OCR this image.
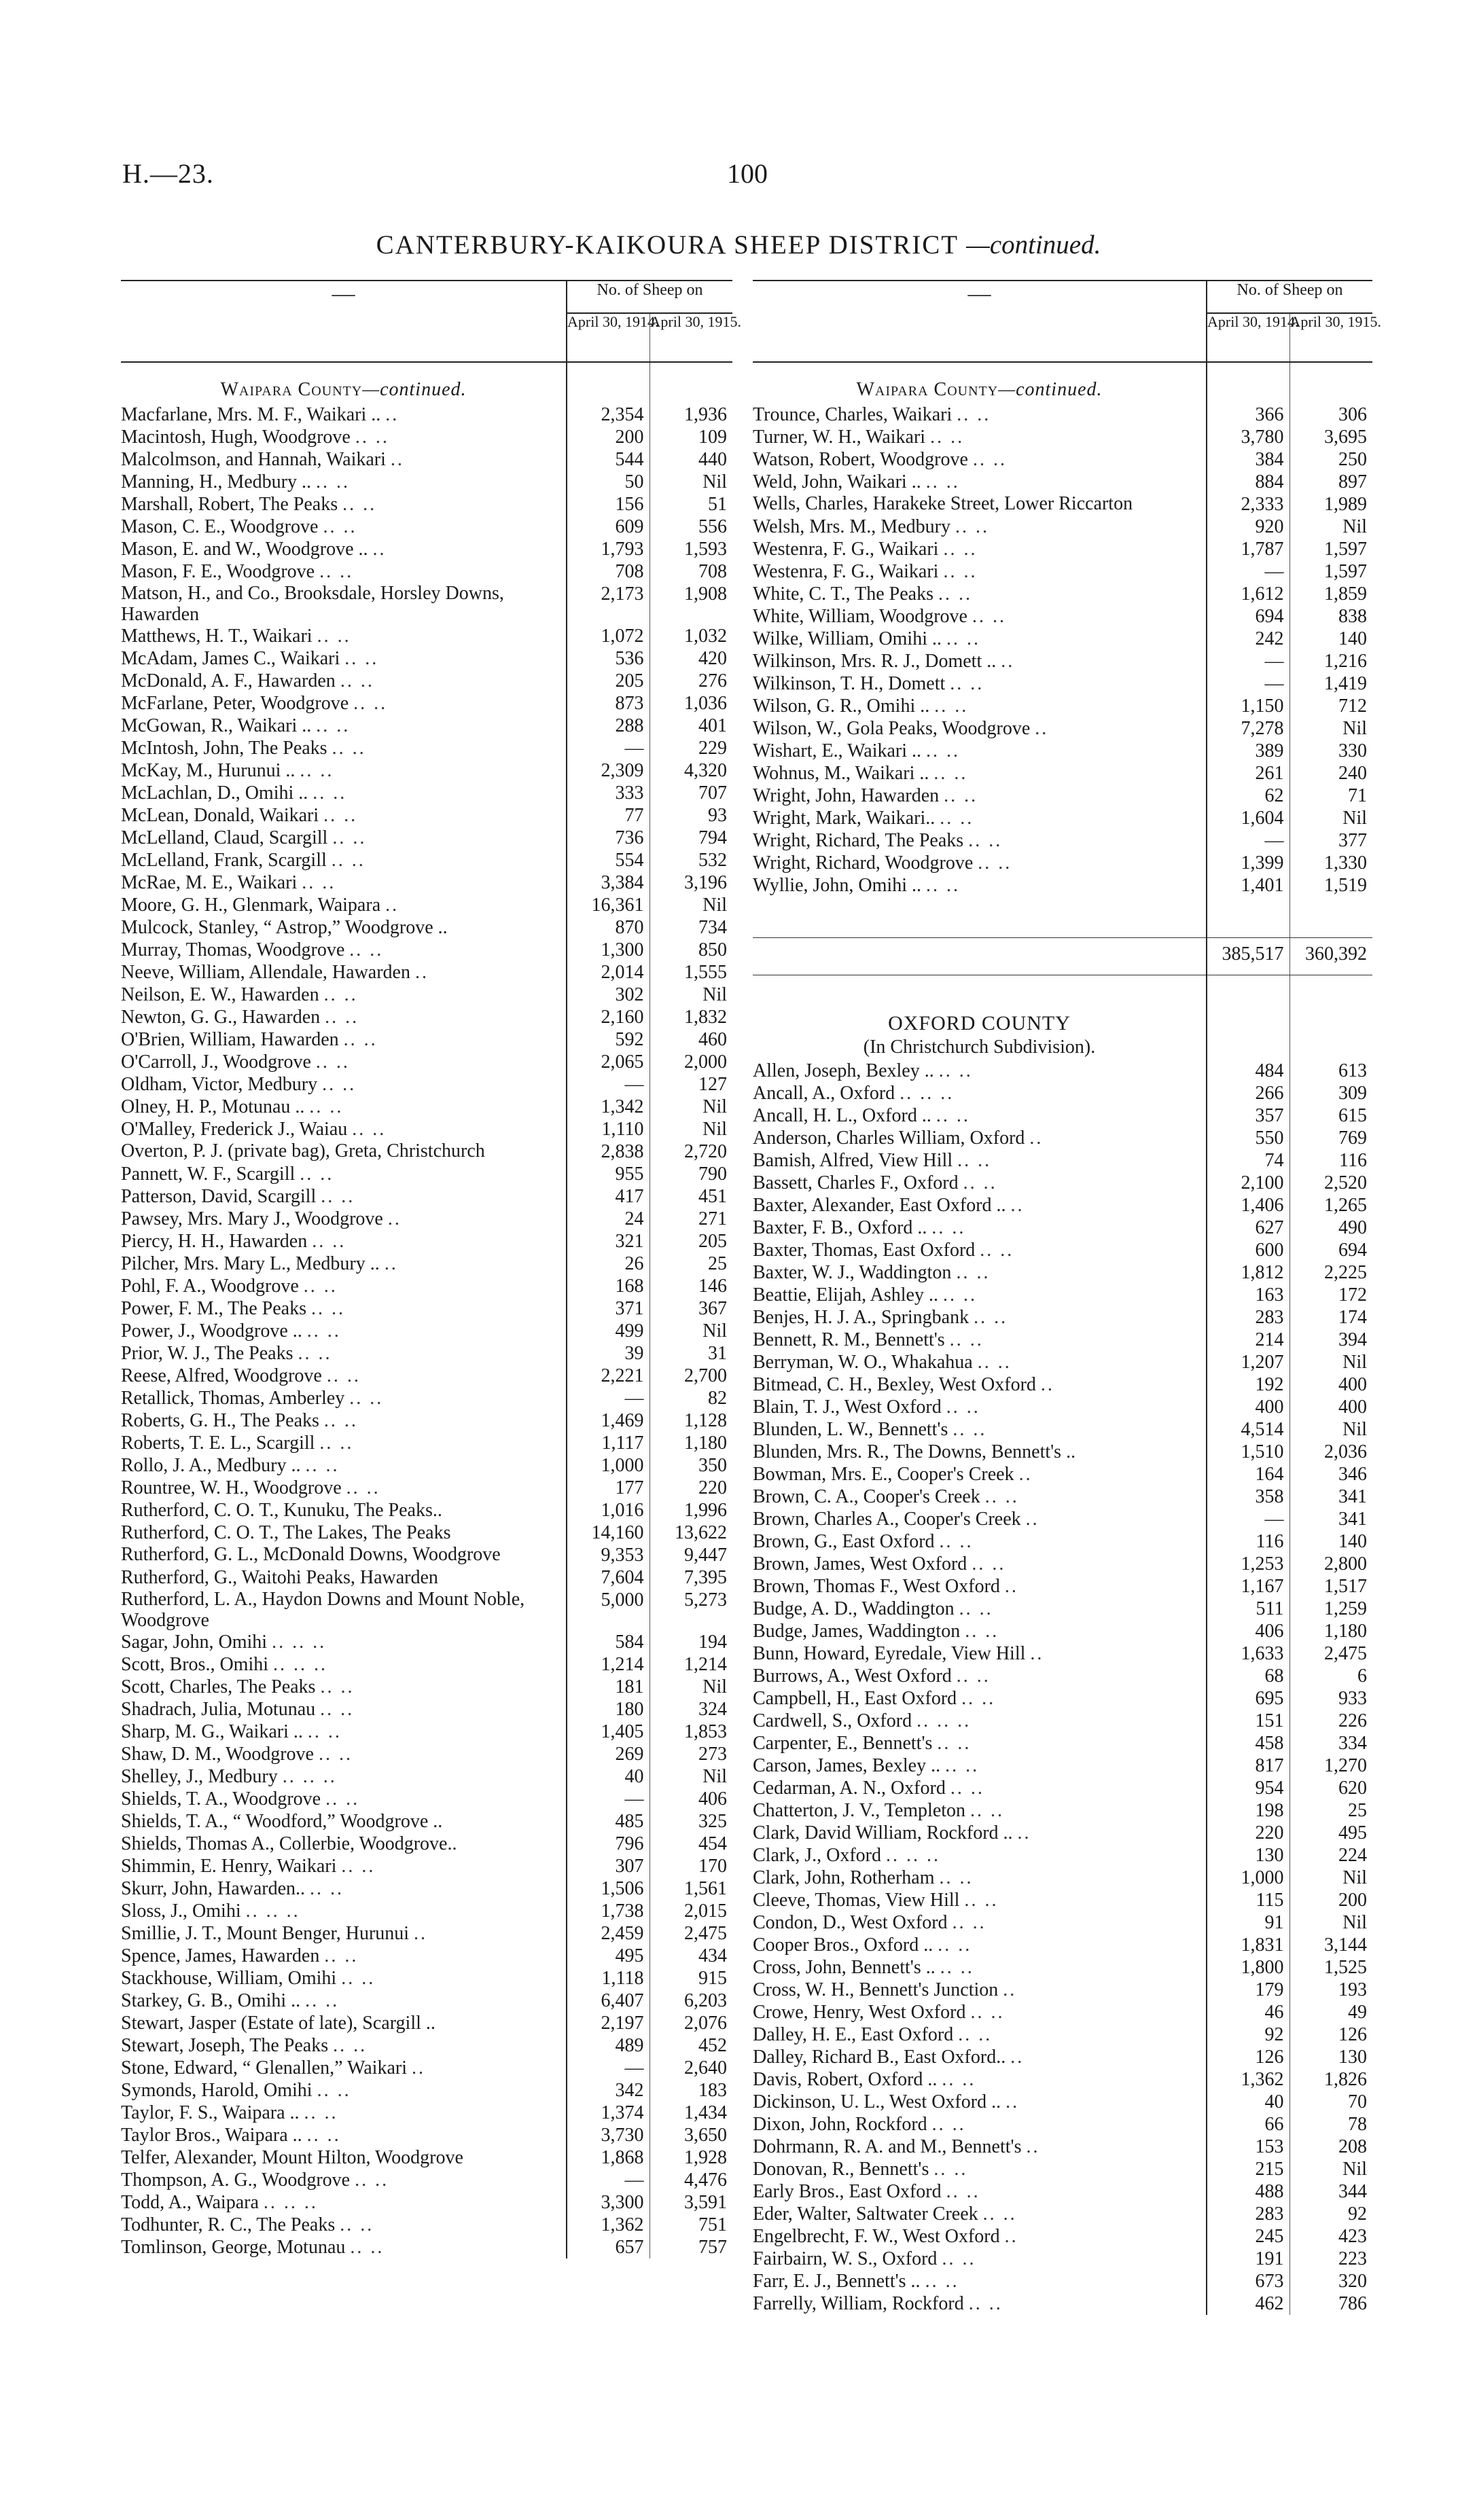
H.—23.	100
CANTERBURY-KAIKOURA SHEEP DISTRICT —continued.
—	No. of Sheep on	
	April 30, 1914.	April 30, 1915.
Waipara County—continued.		
Macfarlane, Mrs. M. F., Waikari .. ..	2,354	1,936
Macintosh, Hugh, Woodgrove .. ..	200	109
Malcolmson, and Hannah, Waikari ..	544	440
Manning, H., Medbury .. .. ..	50	Nil
Marshall, Robert, The Peaks .. ..	156	51
Mason, C. E., Woodgrove .. ..	609	556
Mason, E. and W., Woodgrove .. ..	1,793	1,593
Mason, F. E., Woodgrove .. ..	708	708
Matson, H., and Co., Brooksdale, Horsley Downs, Hawarden	2,173	1,908
Matthews, H. T., Waikari .. ..	1,072	1,032
McAdam, James C., Waikari .. ..	536	420
McDonald, A. F., Hawarden .. ..	205	276
McFarlane, Peter, Woodgrove .. ..	873	1,036
McGowan, R., Waikari .. .. ..	288	401
McIntosh, John, The Peaks .. ..	—	229
McKay, M., Hurunui .. .. ..	2,309	4,320
McLachlan, D., Omihi .. .. ..	333	707
McLean, Donald, Waikari .. ..	77	93
McLelland, Claud, Scargill .. ..	736	794
McLelland, Frank, Scargill .. ..	554	532
McRae, M. E., Waikari .. ..	3,384	3,196
Moore, G. H., Glenmark, Waipara ..	16,361	Nil
Mulcock, Stanley, “ Astrop,” Woodgrove ..	870	734
Murray, Thomas, Woodgrove .. ..	1,300	850
Neeve, William, Allendale, Hawarden ..	2,014	1,555
Neilson, E. W., Hawarden .. ..	302	Nil
Newton, G. G., Hawarden .. ..	2,160	1,832
O'Brien, William, Hawarden .. ..	592	460
O'Carroll, J., Woodgrove .. ..	2,065	2,000
Oldham, Victor, Medbury .. ..	—	127
Olney, H. P., Motunau .. .. ..	1,342	Nil
O'Malley, Frederick J., Waiau .. ..	1,110	Nil
Overton, P. J. (private bag), Greta, Christchurch	2,838	2,720
Pannett, W. F., Scargill .. ..	955	790
Patterson, David, Scargill .. ..	417	451
Pawsey, Mrs. Mary J., Woodgrove ..	24	271
Piercy, H. H., Hawarden .. ..	321	205
Pilcher, Mrs. Mary L., Medbury .. ..	26	25
Pohl, F. A., Woodgrove .. ..	168	146
Power, F. M., The Peaks .. ..	371	367
Power, J., Woodgrove .. .. ..	499	Nil
Prior, W. J., The Peaks .. ..	39	31
Reese, Alfred, Woodgrove .. ..	2,221	2,700
Retallick, Thomas, Amberley .. ..	—	82
Roberts, G. H., The Peaks .. ..	1,469	1,128
Roberts, T. E. L., Scargill .. ..	1,117	1,180
Rollo, J. A., Medbury .. .. ..	1,000	350
Rountree, W. H., Woodgrove .. ..	177	220
Rutherford, C. O. T., Kunuku, The Peaks..	1,016	1,996
Rutherford, C. O. T., The Lakes, The Peaks	14,160	13,622
Rutherford, G. L., McDonald Downs, Woodgrove	9,353	9,447
Rutherford, G., Waitohi Peaks, Hawarden	7,604	7,395
Rutherford, L. A., Haydon Downs and Mount Noble, Woodgrove	5,000	5,273
Sagar, John, Omihi .. .. ..	584	194
Scott, Bros., Omihi .. .. ..	1,214	1,214
Scott, Charles, The Peaks .. ..	181	Nil
Shadrach, Julia, Motunau .. ..	180	324
Sharp, M. G., Waikari .. .. ..	1,405	1,853
Shaw, D. M., Woodgrove .. ..	269	273
Shelley, J., Medbury .. .. ..	40	Nil
Shields, T. A., Woodgrove .. ..	—	406
Shields, T. A., “ Woodford,” Woodgrove ..	485	325
Shields, Thomas A., Collerbie, Woodgrove..	796	454
Shimmin, E. Henry, Waikari .. ..	307	170
Skurr, John, Hawarden.. .. ..	1,506	1,561
Sloss, J., Omihi .. .. ..	1,738	2,015
Smillie, J. T., Mount Benger, Hurunui ..	2,459	2,475
Spence, James, Hawarden .. ..	495	434
Stackhouse, William, Omihi .. ..	1,118	915
Starkey, G. B., Omihi .. .. ..	6,407	6,203
Stewart, Jasper (Estate of late), Scargill ..	2,197	2,076
Stewart, Joseph, The Peaks .. ..	489	452
Stone, Edward, “ Glenallen,” Waikari ..	—	2,640
Symonds, Harold, Omihi .. ..	342	183
Taylor, F. S., Waipara .. .. ..	1,374	1,434
Taylor Bros., Waipara .. .. ..	3,730	3,650
Telfer, Alexander, Mount Hilton, Woodgrove	1,868	1,928
Thompson, A. G., Woodgrove .. ..	—	4,476
Todd, A., Waipara .. .. ..	3,300	3,591
Todhunter, R. C., The Peaks .. ..	1,362	751
Tomlinson, George, Motunau .. ..	657	757
—	No. of Sheep on	
	April 30, 1914.	April 30, 1915.
Waipara County—continued.		
Trounce, Charles, Waikari .. ..	366	306
Turner, W. H., Waikari .. ..	3,780	3,695
Watson, Robert, Woodgrove .. ..	384	250
Weld, John, Waikari .. .. ..	884	897
Wells, Charles, Harakeke Street, Lower Riccarton	2,333	1,989
Welsh, Mrs. M., Medbury .. ..	920	Nil
Westenra, F. G., Waikari .. ..	1,787	1,597
Westenra, F. G., Waikari .. ..	—	1,597
White, C. T., The Peaks .. ..	1,612	1,859
White, William, Woodgrove .. ..	694	838
Wilke, William, Omihi .. .. ..	242	140
Wilkinson, Mrs. R. J., Domett .. ..	—	1,216
Wilkinson, T. H., Domett .. ..	—	1,419
Wilson, G. R., Omihi .. .. ..	1,150	712
Wilson, W., Gola Peaks, Woodgrove ..	7,278	Nil
Wishart, E., Waikari .. .. ..	389	330
Wohnus, M., Waikari .. .. ..	261	240
Wright, John, Hawarden .. ..	62	71
Wright, Mark, Waikari.. .. ..	1,604	Nil
Wright, Richard, The Peaks .. ..	—	377
Wright, Richard, Woodgrove .. ..	1,399	1,330
Wyllie, John, Omihi .. .. ..	1,401	1,519

	385,517	360,392
OXFORD COUNTY		
(In Christchurch Subdivision).		
Allen, Joseph, Bexley .. .. ..	484	613
Ancall, A., Oxford .. .. ..	266	309
Ancall, H. L., Oxford .. .. ..	357	615
Anderson, Charles William, Oxford ..	550	769
Bamish, Alfred, View Hill .. ..	74	116
Bassett, Charles F., Oxford .. ..	2,100	2,520
Baxter, Alexander, East Oxford .. ..	1,406	1,265
Baxter, F. B., Oxford .. .. ..	627	490
Baxter, Thomas, East Oxford .. ..	600	694
Baxter, W. J., Waddington .. ..	1,812	2,225
Beattie, Elijah, Ashley .. .. ..	163	172
Benjes, H. J. A., Springbank .. ..	283	174
Bennett, R. M., Bennett's .. ..	214	394
Berryman, W. O., Whakahua .. ..	1,207	Nil
Bitmead, C. H., Bexley, West Oxford ..	192	400
Blain, T. J., West Oxford .. ..	400	400
Blunden, L. W., Bennett's .. ..	4,514	Nil
Blunden, Mrs. R., The Downs, Bennett's ..	1,510	2,036
Bowman, Mrs. E., Cooper's Creek ..	164	346
Brown, C. A., Cooper's Creek .. ..	358	341
Brown, Charles A., Cooper's Creek ..	—	341
Brown, G., East Oxford .. ..	116	140
Brown, James, West Oxford .. ..	1,253	2,800
Brown, Thomas F., West Oxford ..	1,167	1,517
Budge, A. D., Waddington .. ..	511	1,259
Budge, James, Waddington .. ..	406	1,180
Bunn, Howard, Eyredale, View Hill ..	1,633	2,475
Burrows, A., West Oxford .. ..	68	6
Campbell, H., East Oxford .. ..	695	933
Cardwell, S., Oxford .. .. ..	151	226
Carpenter, E., Bennett's .. ..	458	334
Carson, James, Bexley .. .. ..	817	1,270
Cedarman, A. N., Oxford .. ..	954	620
Chatterton, J. V., Templeton .. ..	198	25
Clark, David William, Rockford .. ..	220	495
Clark, J., Oxford .. .. ..	130	224
Clark, John, Rotherham .. ..	1,000	Nil
Cleeve, Thomas, View Hill .. ..	115	200
Condon, D., West Oxford .. ..	91	Nil
Cooper Bros., Oxford .. .. ..	1,831	3,144
Cross, John, Bennett's .. .. ..	1,800	1,525
Cross, W. H., Bennett's Junction ..	179	193
Crowe, Henry, West Oxford .. ..	46	49
Dalley, H. E., East Oxford .. ..	92	126
Dalley, Richard B., East Oxford.. ..	126	130
Davis, Robert, Oxford .. .. ..	1,362	1,826
Dickinson, U. L., West Oxford .. ..	40	70
Dixon, John, Rockford .. ..	66	78
Dohrmann, R. A. and M., Bennett's ..	153	208
Donovan, R., Bennett's .. ..	215	Nil
Early Bros., East Oxford .. ..	488	344
Eder, Walter, Saltwater Creek .. ..	283	92
Engelbrecht, F. W., West Oxford ..	245	423
Fairbairn, W. S., Oxford .. ..	191	223
Farr, E. J., Bennett's .. .. ..	673	320
Farrelly, William, Rockford .. ..	462	786
